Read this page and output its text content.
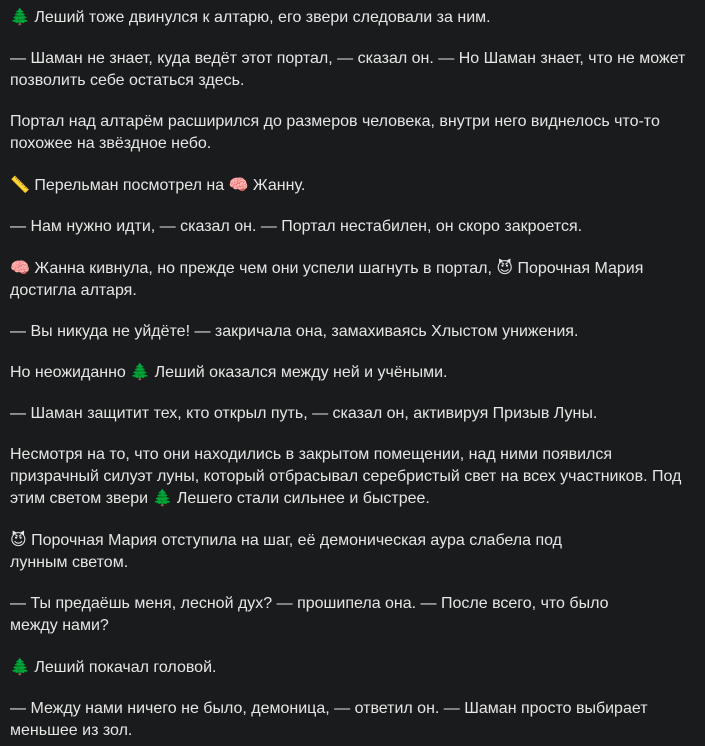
🌲 Леший тоже двинулся к алтарю, его звери следовали за ним.

— Шаман не знает, куда ведёт этот портал, — сказал он. — Но Шаман знает, что не может позволить себе остаться здесь.

Портал над алтарём расширился до размеров человека, внутри него виднелось что-то похожее на звёздное небо.

📏 Перельман посмотрел на 🧠 Жанну.

— Нам нужно идти, — сказал он. — Портал нестабилен, он скоро закроется.

🧠 Жанна кивнула, но прежде чем они успели шагнуть в портал, 😈 Порочная Мария достигла алтаря.

— Вы никуда не уйдёте! — закричала она, замахиваясь Хлыстом унижения.

Но неожиданно 🌲 Леший оказался между ней и учёными.

— Шаман защитит тех, кто открыл путь, — сказал он, активируя Призыв Луны.

Несмотря на то, что они находились в закрытом помещении, над ними появился призрачный силуэт луны, который отбрасывал серебристый свет на всех участников. Под этим светом звери 🌲 Лешего стали сильнее и быстрее.

😈 Порочная Мария отступила на шаг, её демоническая аура слабела под лунным светом.

— Ты предаёшь меня, лесной дух? — прошипела она. — После всего, что было между нами?

🌲 Леший покачал головой.

— Между нами ничего не было, демоница, — ответил он. — Шаман просто выбирает меньшее из зол.
